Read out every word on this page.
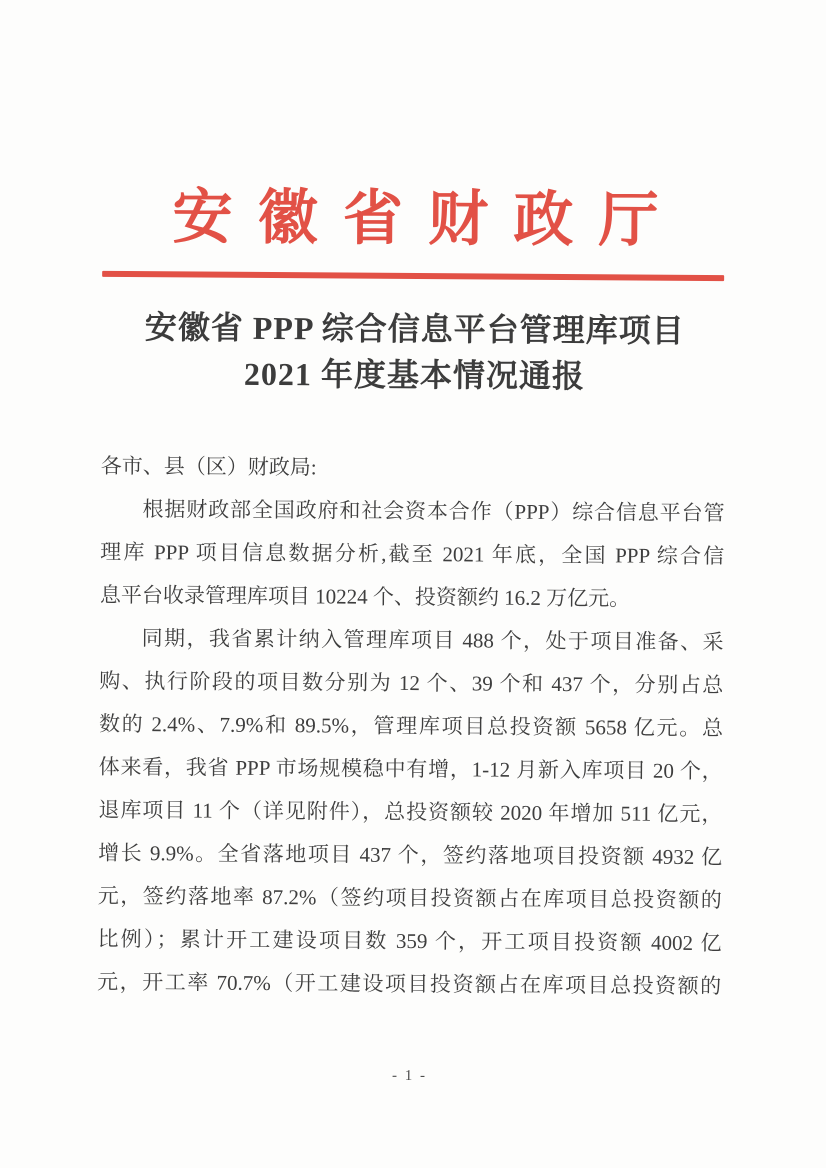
安徽省财政厅
安徽省 PPP 综合信息平台管理库项目
2021 年度基本情况通报
各市、县（区）财政局:
根据财政部全国政府和社会资本合作（PPP）综合信息平台管
理库 PPP 项目信息数据分析,截至 2021 年底，全国 PPP 综合信
息平台收录管理库项目 10224 个、投资额约 16.2 万亿元。
同期，我省累计纳入管理库项目 488 个，处于项目准备、采
购、执行阶段的项目数分别为 12 个、39 个和 437 个，分别占总
数的 2.4%、7.9%和 89.5%，管理库项目总投资额 5658 亿元。总
体来看，我省 PPP 市场规模稳中有增，1-12 月新入库项目 20 个，
退库项目 11 个（详见附件），总投资额较 2020 年增加 511 亿元，
增长 9.9%。全省落地项目 437 个，签约落地项目投资额 4932 亿
元，签约落地率 87.2%（签约项目投资额占在库项目总投资额的
比例）；累计开工建设项目数 359 个，开工项目投资额 4002 亿
元，开工率 70.7%（开工建设项目投资额占在库项目总投资额的
- 1 -
